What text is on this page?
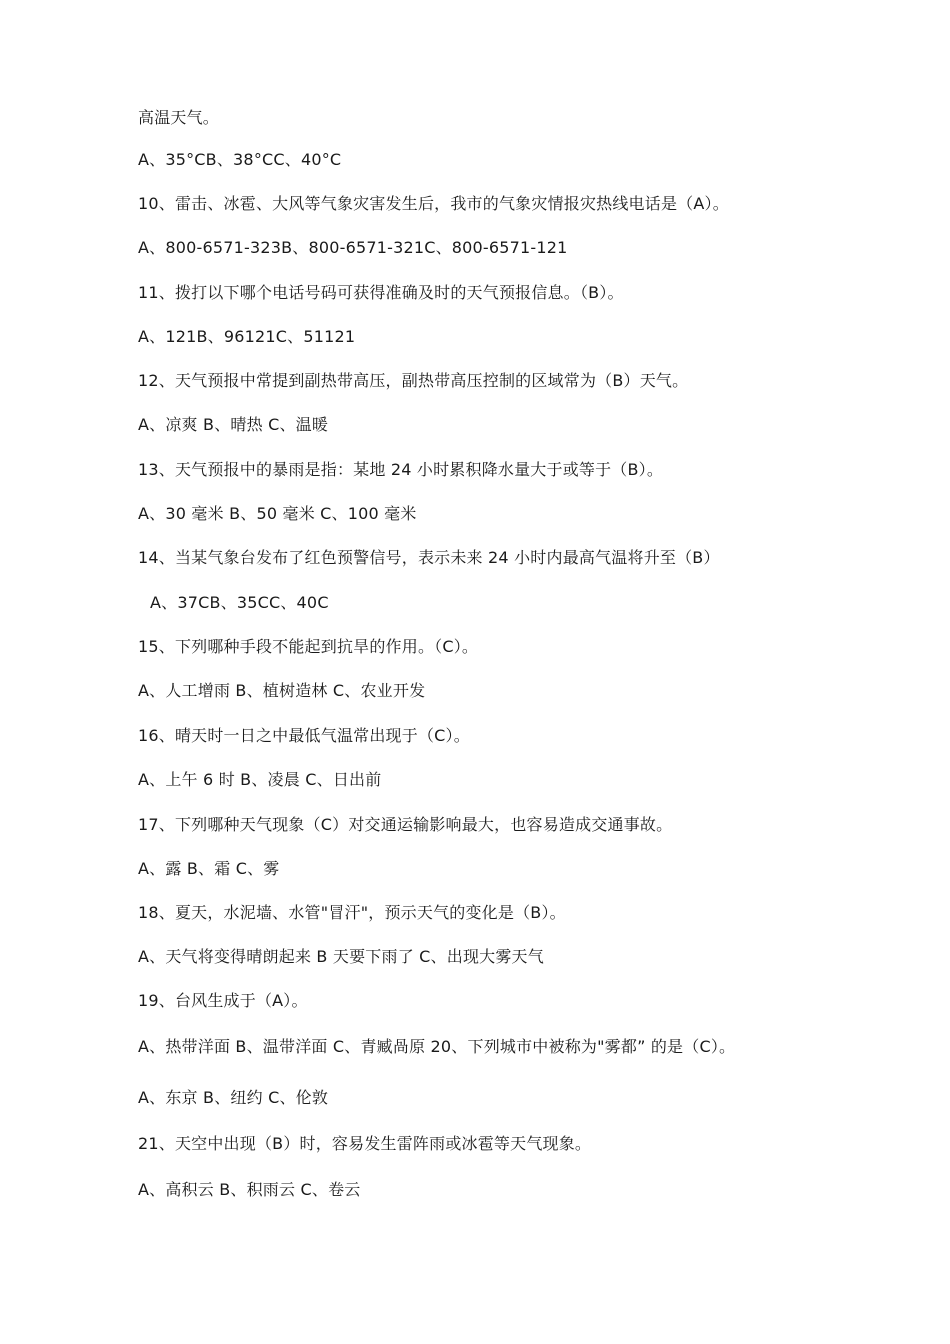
高温天气。
A、35°CB、38°CC、40°C
10、雷击、冰雹、大风等气象灾害发生后，我市的气象灾情报灾热线电话是（A）。
A、800-6571-323B、800-6571-321C、800-6571-121
11、拨打以下哪个电话号码可获得准确及时的天气预报信息。（B）。
A、121B、96121C、51121
12、天气预报中常提到副热带高压，副热带高压控制的区域常为（B）天气。
A、凉爽 B、晴热 C、温暖
13、天气预报中的暴雨是指：某地 24 小时累积降水量大于或等于（B）。
A、30 毫米 B、50 毫米 C、100 毫米
14、当某气象台发布了红色预警信号，表示未来 24 小时内最高气温将升至（B）
A、37CB、35CC、40C
15、下列哪种手段不能起到抗旱的作用。（C）。
A、人工增雨 B、植树造林 C、农业开发
16、晴天时一日之中最低气温常出现于（C）。
A、上午 6 时 B、凌晨 C、日出前
17、下列哪种天气现象（C）对交通运输影响最大，也容易造成交通事故。
A、露 B、霜 C、雾
18、夏天，水泥墙、水管"冒汗"，预示天气的变化是（B）。
A、天气将变得晴朗起来 B 天要下雨了 C、出现大雾天气
19、台风生成于（A）。
A、热带洋面 B、温带洋面 C、青臧咼原 20、下列城市中被称为"雾都” 的是（C）。
A、东京 B、纽约 C、伦敦
21、天空中出现（B）时，容易发生雷阵雨或冰雹等天气现象。
A、高积云 B、积雨云 C、卷云
